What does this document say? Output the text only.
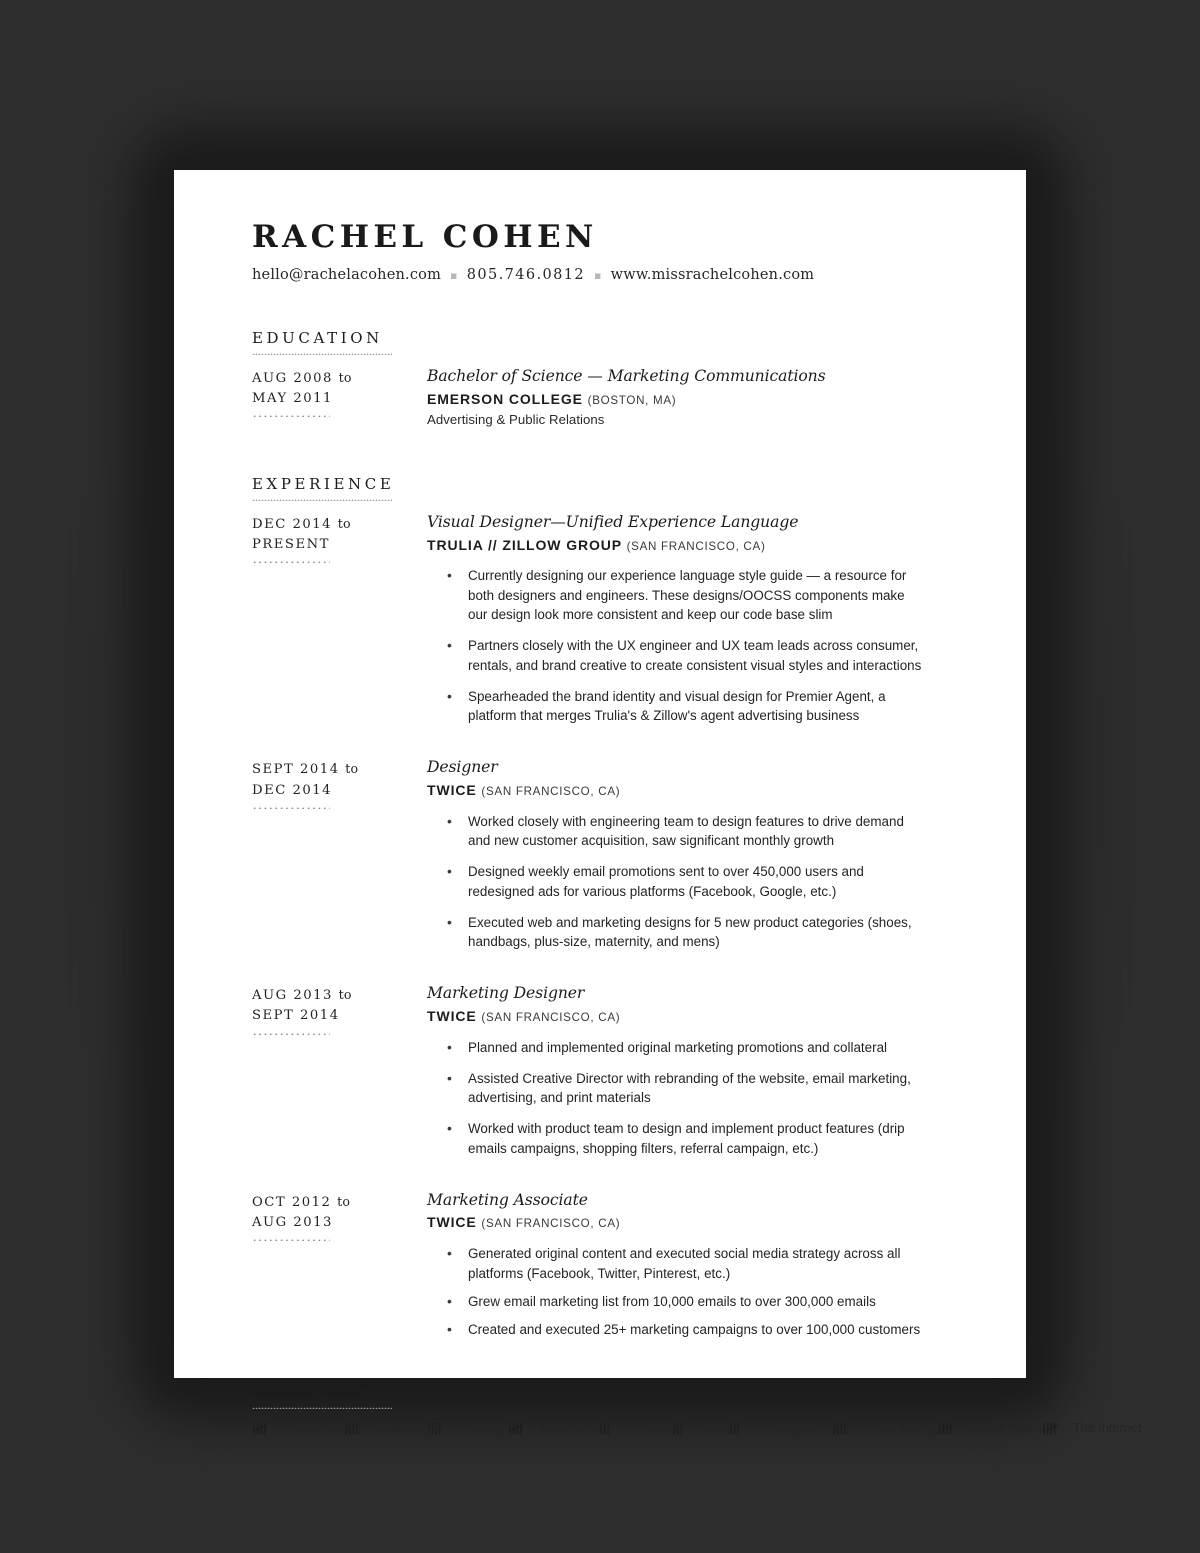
RACHEL COHEN
hello@rachelacohen.com ▪ 805.746.0812 ▪ www.missrachelcohen.com
EDUCATION
AUG 2008 to
MAY 2011
Bachelor of Science — Marketing Communications
EMERSON COLLEGE (BOSTON, MA)
Advertising & Public Relations
EXPERIENCE
DEC 2014 to
PRESENT
Visual Designer—Unified Experience Language
TRULIA // ZILLOW GROUP (SAN FRANCISCO, CA)
• Currently designing our experience language style guide — a resource for both designers and engineers. These designs/OOCSS components make our design look more consistent and keep our code base slim
• Partners closely with the UX engineer and UX team leads across consumer, rentals, and brand creative to create consistent visual styles and interactions
• Spearheaded the brand identity and visual design for Premier Agent, a platform that merges Trulia's & Zillow's agent advertising business
SEPT 2014 to
DEC 2014
Designer
TWICE (SAN FRANCISCO, CA)
• Worked closely with engineering team to design features to drive demand and new customer acquisition, saw significant monthly growth
• Designed weekly email promotions sent to over 450,000 users and redesigned ads for various platforms (Facebook, Google, etc.)
• Executed web and marketing designs for 5 new product categories (shoes, handbags, plus-size, maternity, and mens)
AUG 2013 to
SEPT 2014
Marketing Designer
TWICE (SAN FRANCISCO, CA)
• Planned and implemented original marketing promotions and collateral
• Assisted Creative Director with rebranding of the website, email marketing, advertising, and print materials
• Worked with product team to design and implement product features (drip emails campaigns, shopping filters, referral campaign, etc.)
OCT 2012 to
AUG 2013
Marketing Associate
TWICE (SAN FRANCISCO, CA)
• Generated original content and executed social media strategy across all platforms (Facebook, Twitter, Pinterest, etc.)
• Grew email marketing list from 10,000 emails to over 300,000 emails
• Created and executed 25+ marketing campaigns to over 100,000 customers
SKILL SET
Photoshop Illustrator InDesign MailChimp HTML5 CSS Photography Photo Editing Social Media The Internet
